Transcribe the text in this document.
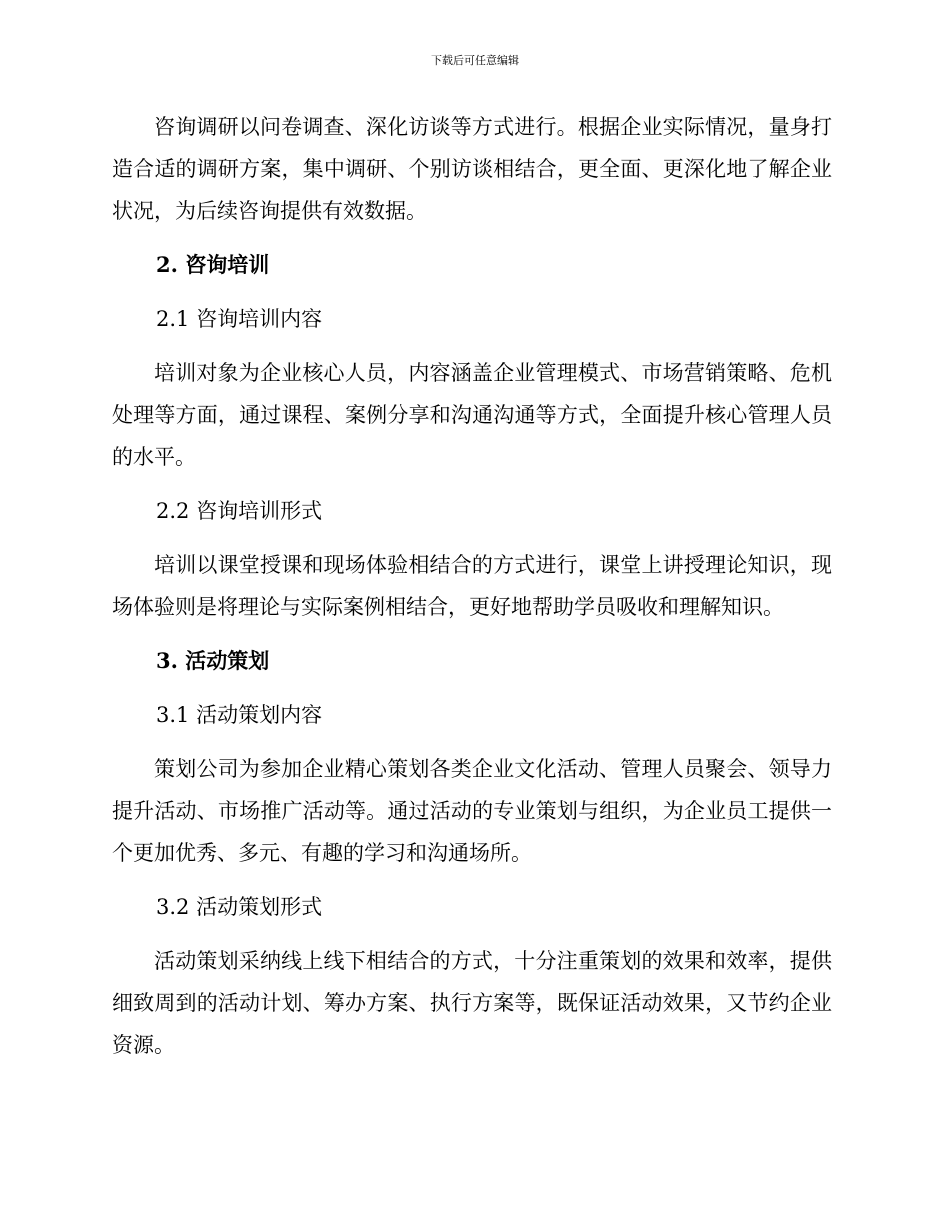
下载后可任意编辑

咨询调研以问卷调查、深化访谈等方式进行。根据企业实际情况，量身打造合适的调研方案，集中调研、个别访谈相结合，更全面、更深化地了解企业状况，为后续咨询提供有效数据。

2. 咨询培训

2.1 咨询培训内容

培训对象为企业核心人员，内容涵盖企业管理模式、市场营销策略、危机处理等方面，通过课程、案例分享和沟通沟通等方式，全面提升核心管理人员的水平。

2.2 咨询培训形式

培训以课堂授课和现场体验相结合的方式进行，课堂上讲授理论知识，现场体验则是将理论与实际案例相结合，更好地帮助学员吸收和理解知识。

3. 活动策划

3.1 活动策划内容

策划公司为参加企业精心策划各类企业文化活动、管理人员聚会、领导力提升活动、市场推广活动等。通过活动的专业策划与组织，为企业员工提供一个更加优秀、多元、有趣的学习和沟通场所。

3.2 活动策划形式

活动策划采纳线上线下相结合的方式，十分注重策划的效果和效率，提供细致周到的活动计划、筹办方案、执行方案等，既保证活动效果，又节约企业资源。
